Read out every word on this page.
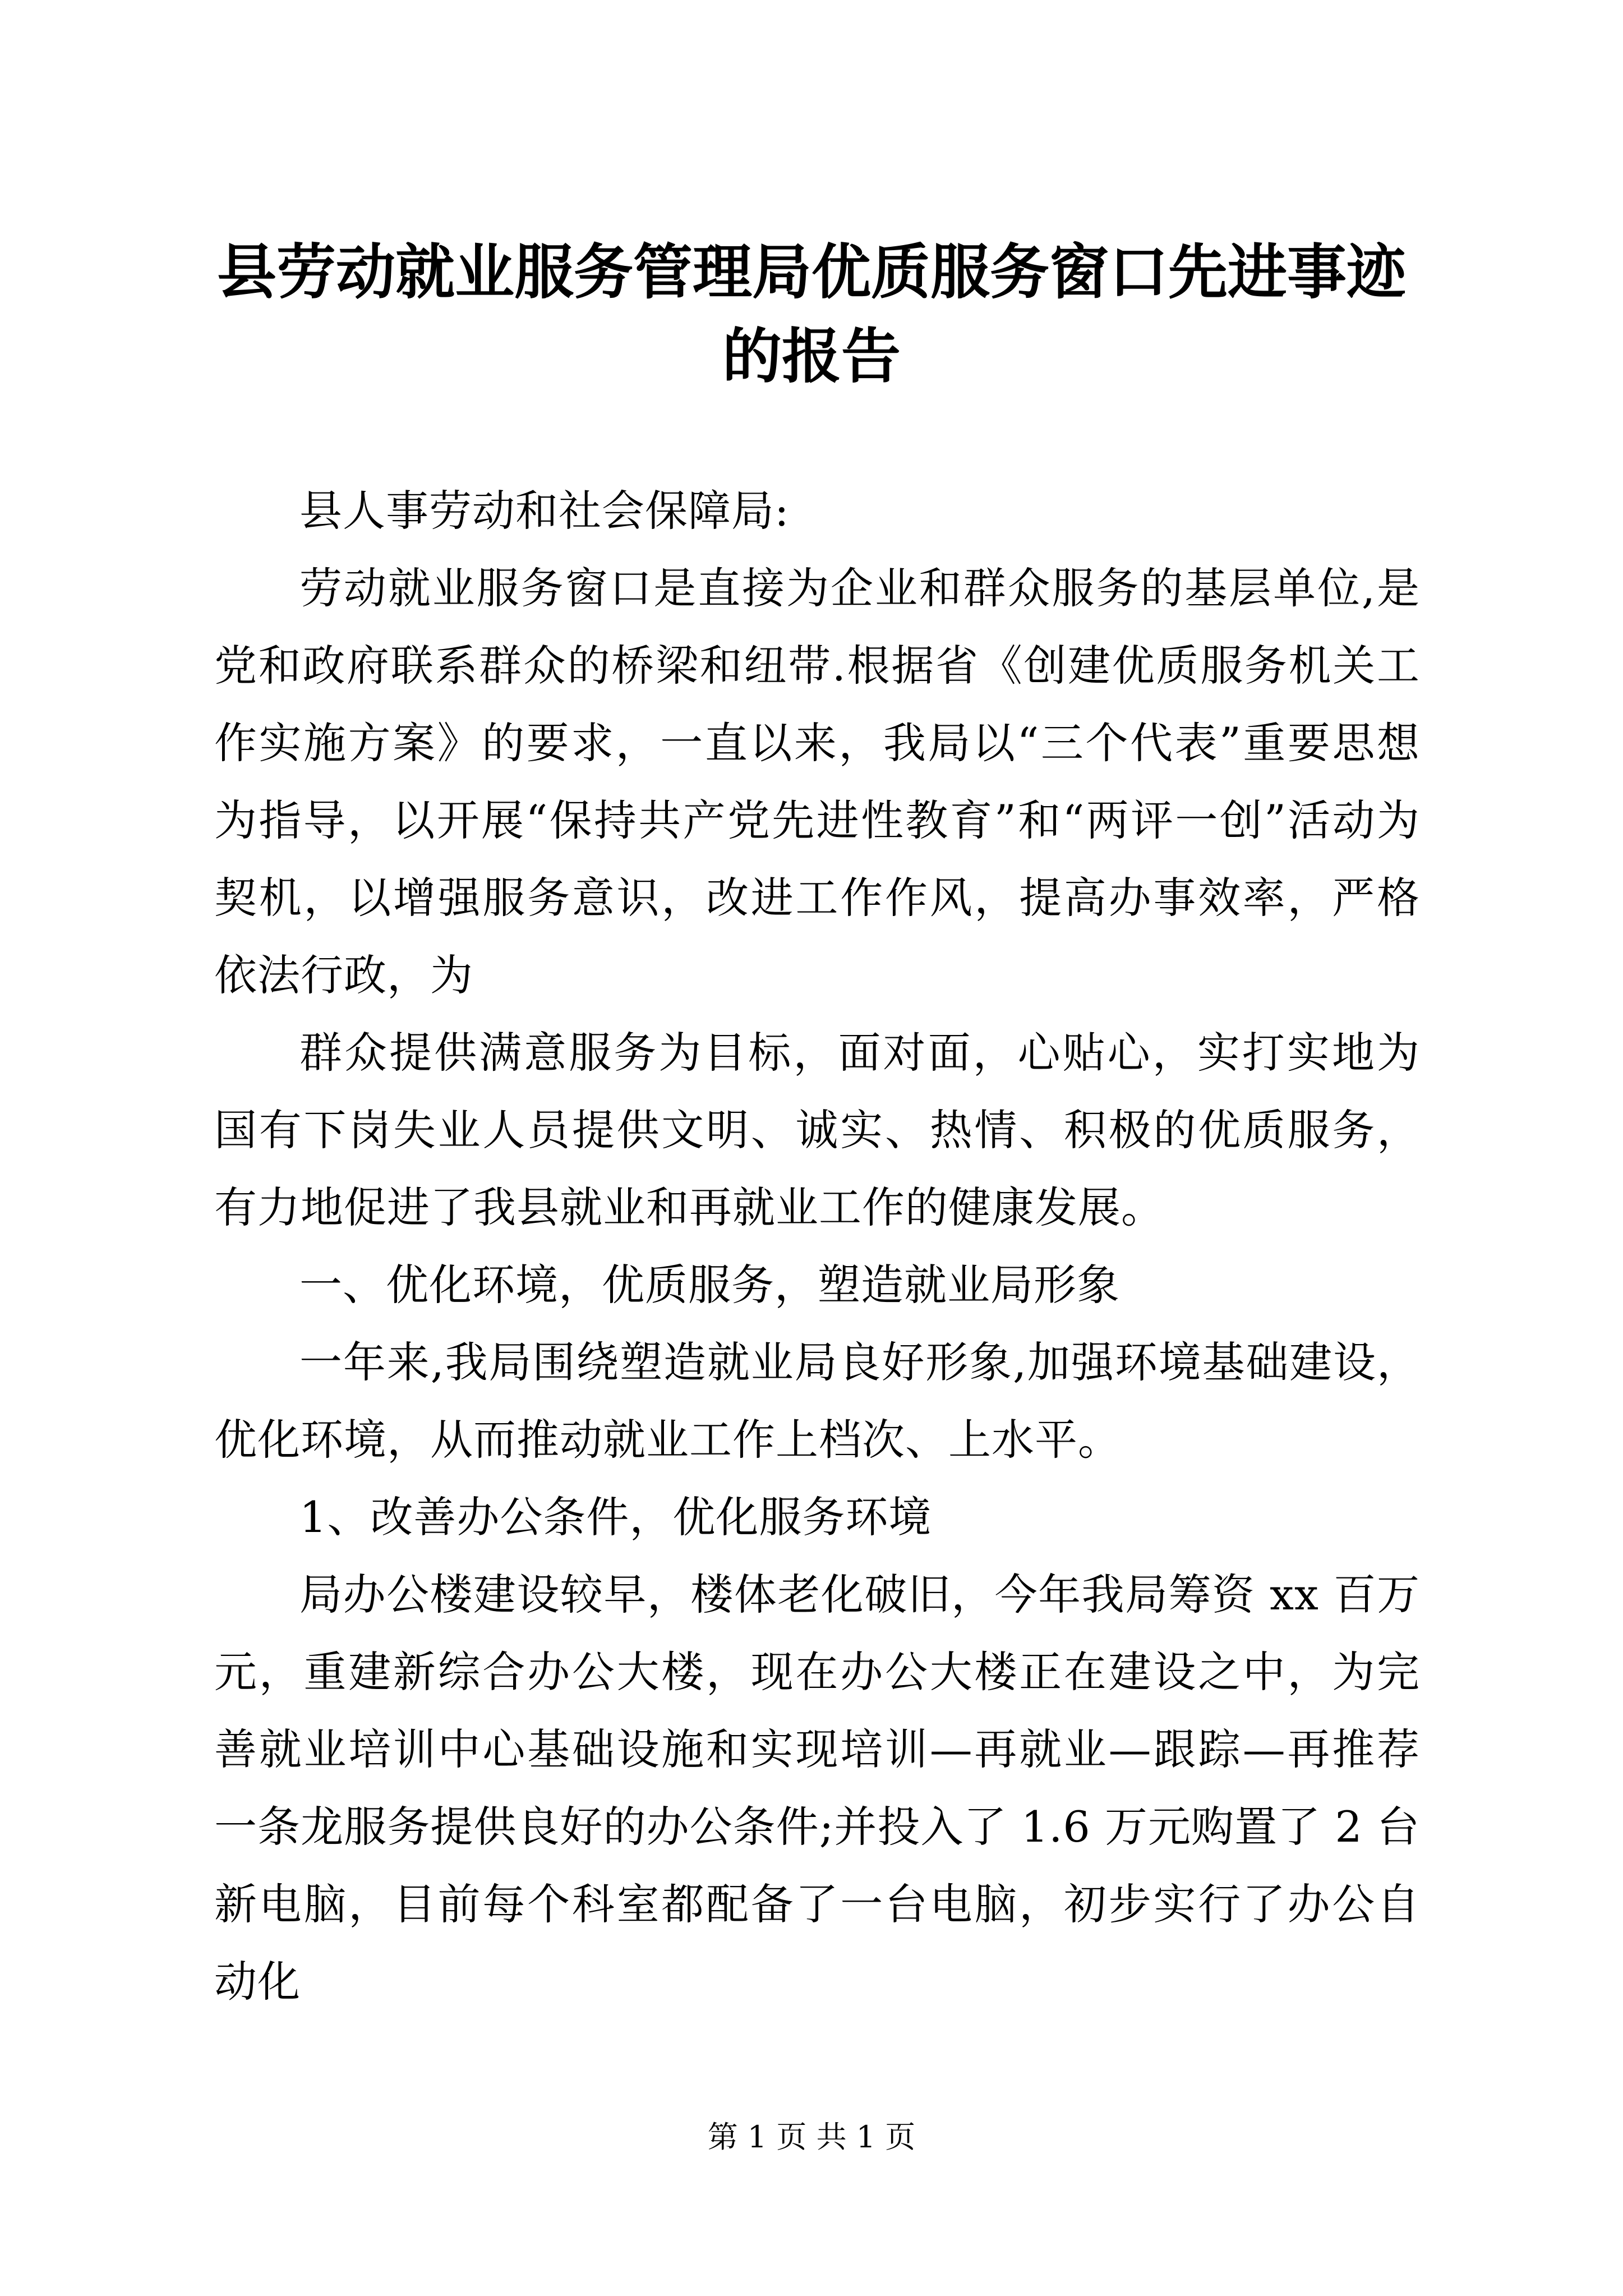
县劳动就业服务管理局优质服务窗口先进事迹
的报告

县人事劳动和社会保障局:

劳动就业服务窗口是直接为企业和群众服务的基层单位,是党和政府联系群众的桥梁和纽带.根据省《创建优质服务机关工作实施方案》的要求，一直以来，我局以“三个代表”重要思想为指导，以开展“保持共产党先进性教育”和“两评一创”活动为契机，以增强服务意识，改进工作作风，提高办事效率，严格依法行政，为

群众提供满意服务为目标，面对面，心贴心，实打实地为国有下岗失业人员提供文明、诚实、热情、积极的优质服务，有力地促进了我县就业和再就业工作的健康发展。

一、优化环境，优质服务，塑造就业局形象

一年来,我局围绕塑造就业局良好形象,加强环境基础建设，优化环境，从而推动就业工作上档次、上水平。

1、改善办公条件，优化服务环境

局办公楼建设较早，楼体老化破旧，今年我局筹资 xx 百万元，重建新综合办公大楼，现在办公大楼正在建设之中，为完善就业培训中心基础设施和实现培训—再就业—跟踪—再推荐一条龙服务提供良好的办公条件;并投入了 1.6 万元购置了 2 台新电脑，目前每个科室都配备了一台电脑，初步实行了办公自动化

第 1 页 共 1 页
